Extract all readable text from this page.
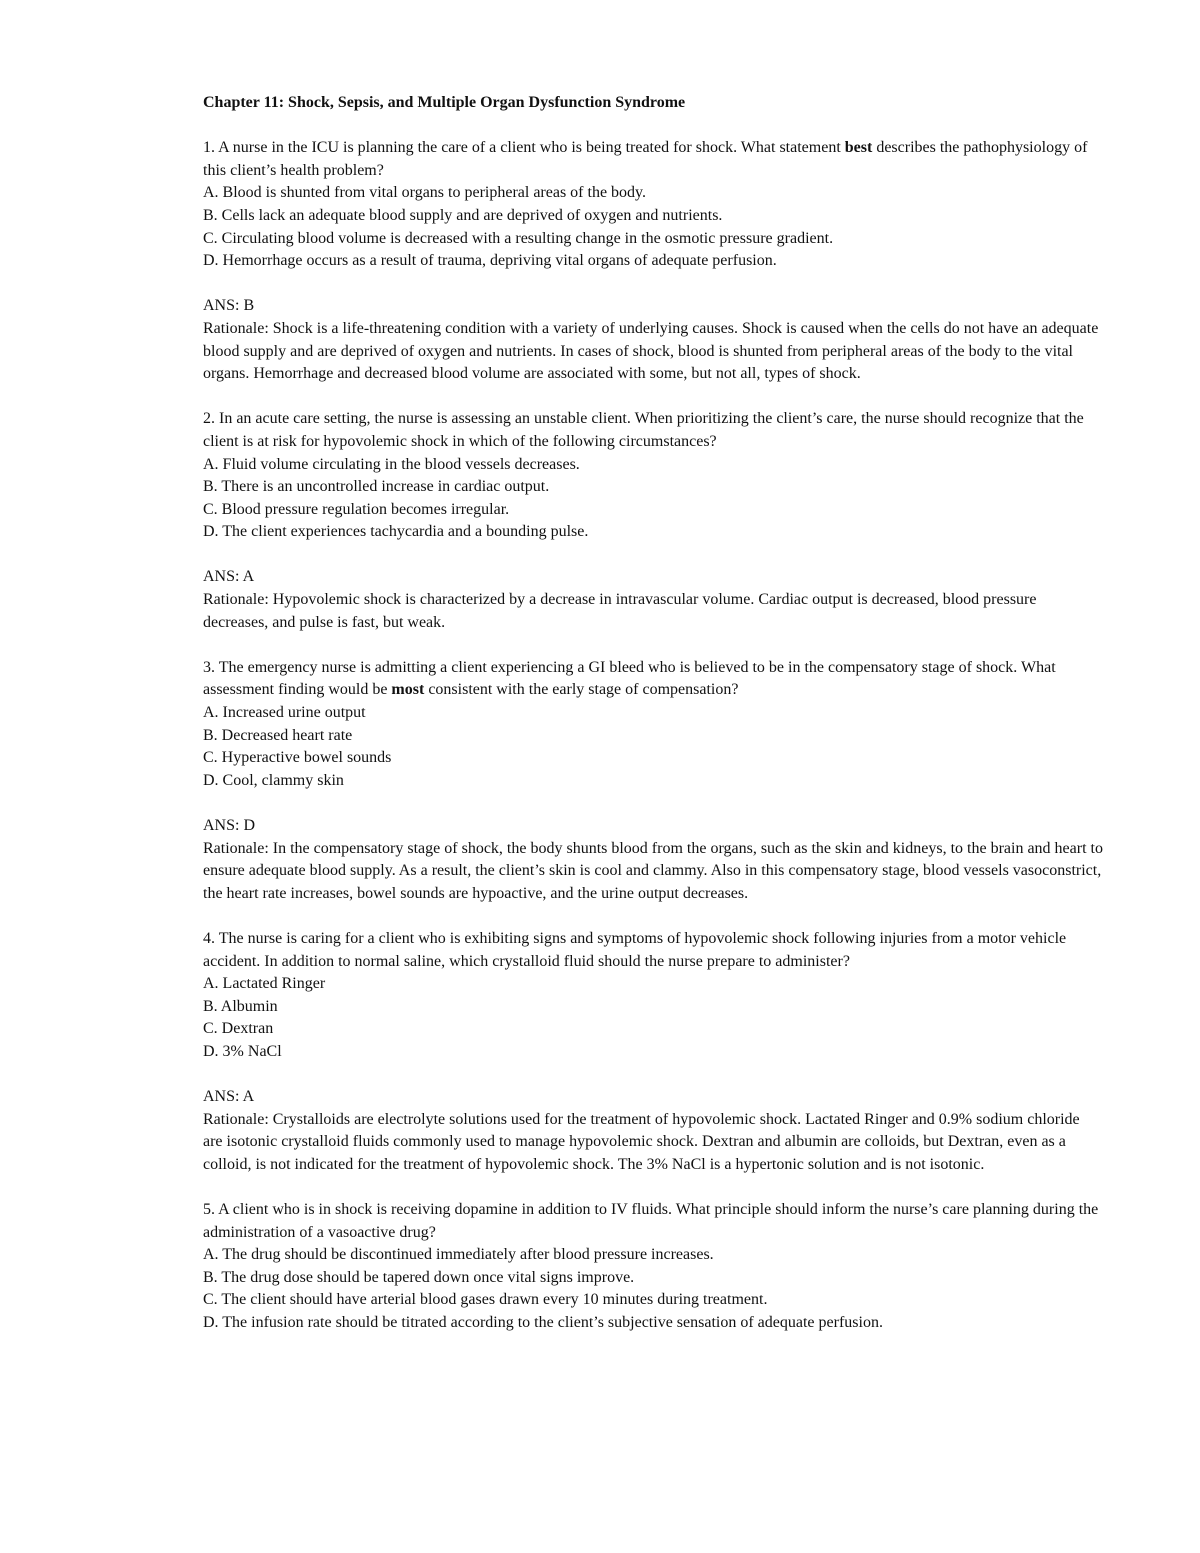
Chapter 11: Shock, Sepsis, and Multiple Organ Dysfunction Syndrome
1. A nurse in the ICU is planning the care of a client who is being treated for shock. What statement best describes the pathophysiology of this client’s health problem?
A. Blood is shunted from vital organs to peripheral areas of the body.
B. Cells lack an adequate blood supply and are deprived of oxygen and nutrients.
C. Circulating blood volume is decreased with a resulting change in the osmotic pressure gradient.
D. Hemorrhage occurs as a result of trauma, depriving vital organs of adequate perfusion.
ANS: B
Rationale: Shock is a life-threatening condition with a variety of underlying causes. Shock is caused when the cells do not have an adequate blood supply and are deprived of oxygen and nutrients. In cases of shock, blood is shunted from peripheral areas of the body to the vital organs. Hemorrhage and decreased blood volume are associated with some, but not all, types of shock.
2. In an acute care setting, the nurse is assessing an unstable client. When prioritizing the client’s care, the nurse should recognize that the client is at risk for hypovolemic shock in which of the following circumstances?
A. Fluid volume circulating in the blood vessels decreases.
B. There is an uncontrolled increase in cardiac output.
C. Blood pressure regulation becomes irregular.
D. The client experiences tachycardia and a bounding pulse.
ANS: A
Rationale: Hypovolemic shock is characterized by a decrease in intravascular volume. Cardiac output is decreased, blood pressure decreases, and pulse is fast, but weak.
3. The emergency nurse is admitting a client experiencing a GI bleed who is believed to be in the compensatory stage of shock. What assessment finding would be most consistent with the early stage of compensation?
A. Increased urine output
B. Decreased heart rate
C. Hyperactive bowel sounds
D. Cool, clammy skin
ANS: D
Rationale: In the compensatory stage of shock, the body shunts blood from the organs, such as the skin and kidneys, to the brain and heart to ensure adequate blood supply. As a result, the client’s skin is cool and clammy. Also in this compensatory stage, blood vessels vasoconstrict, the heart rate increases, bowel sounds are hypoactive, and the urine output decreases.
4. The nurse is caring for a client who is exhibiting signs and symptoms of hypovolemic shock following injuries from a motor vehicle accident. In addition to normal saline, which crystalloid fluid should the nurse prepare to administer?
A. Lactated Ringer
B. Albumin
C. Dextran
D. 3% NaCl
ANS: A
Rationale: Crystalloids are electrolyte solutions used for the treatment of hypovolemic shock. Lactated Ringer and 0.9% sodium chloride are isotonic crystalloid fluids commonly used to manage hypovolemic shock. Dextran and albumin are colloids, but Dextran, even as a colloid, is not indicated for the treatment of hypovolemic shock. The 3% NaCl is a hypertonic solution and is not isotonic.
5. A client who is in shock is receiving dopamine in addition to IV fluids. What principle should inform the nurse’s care planning during the administration of a vasoactive drug?
A. The drug should be discontinued immediately after blood pressure increases.
B. The drug dose should be tapered down once vital signs improve.
C. The client should have arterial blood gases drawn every 10 minutes during treatment.
D. The infusion rate should be titrated according to the client’s subjective sensation of adequate perfusion.
